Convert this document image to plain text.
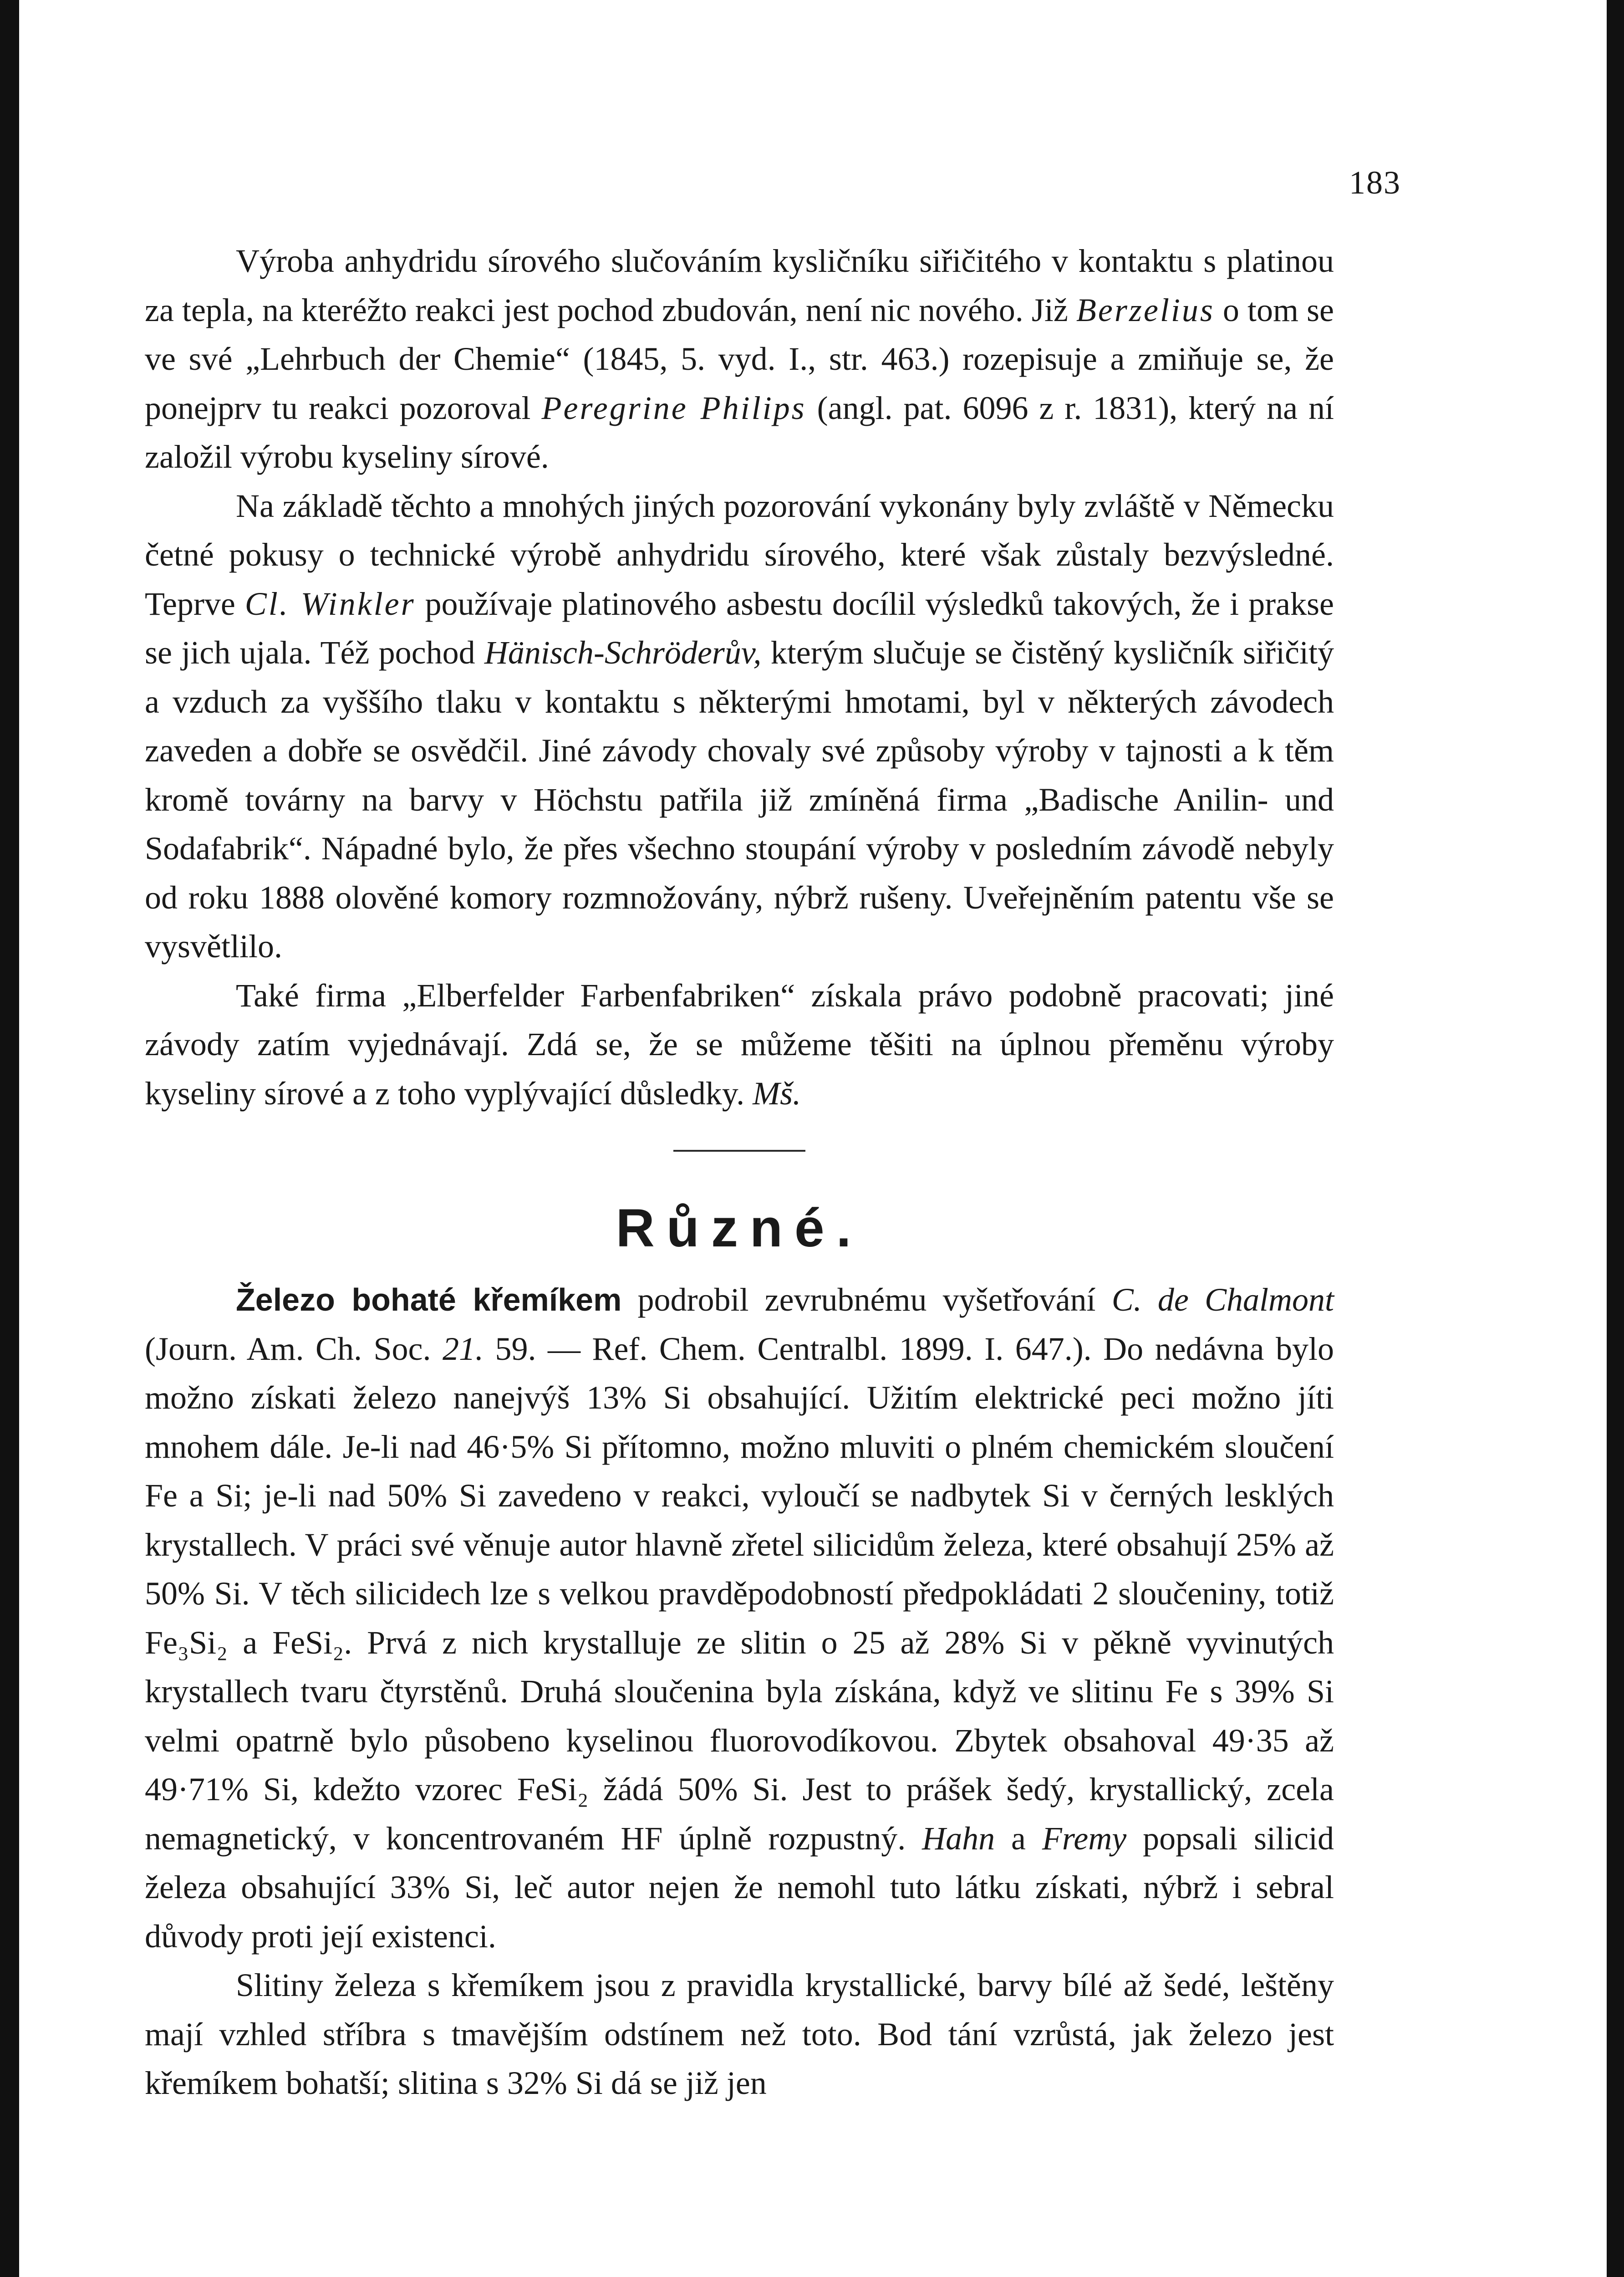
183

Výroba anhydridu sírového slučováním kysličníku siřičitého v kontaktu s platinou za tepla, na kteréžto reakci jest pochod zbudován, není nic nového. Již Berzelius o tom se ve své „Lehrbuch der Chemie“ (1845, 5. vyd. I., str. 463.) rozepisuje a zmiňuje se, že ponejprv tu reakci pozoroval Peregrine Philips (angl. pat. 6096 z r. 1831), který na ní založil výrobu kyseliny sírové.

Na základě těchto a mnohých jiných pozorování vykonány byly zvláště v Německu četné pokusy o technické výrobě anhydridu sírového, které však zůstaly bezvýsledné. Teprve Cl. Winkler používaje platinového asbestu docílil výsledků takových, že i prakse se jich ujala. Též pochod Hänisch-Schröderův, kterým slučuje se čistěný kysličník siřičitý a vzduch za vyššího tlaku v kontaktu s některými hmotami, byl v některých závodech zaveden a dobře se osvědčil. Jiné závody chovaly své způsoby výroby v tajnosti a k těm kromě továrny na barvy v Höchstu patřila již zmíněná firma „Badische Anilin- und Sodafabrik“. Nápadné bylo, že přes všechno stoupání výroby v posledním závodě nebyly od roku 1888 olověné komory rozmnožovány, nýbrž rušeny. Uveřejněním patentu vše se vysvětlilo.

Také firma „Elberfelder Farbenfabriken“ získala právo podobně pracovati; jiné závody zatím vyjednávají. Zdá se, že se můžeme těšiti na úplnou přeměnu výroby kyseliny sírové a z toho vyplývající důsledky. Mš.

Různé.

Železo bohaté křemíkem podrobil zevrubnému vyšetřování C. de Chalmont (Journ. Am. Ch. Soc. 21. 59. — Ref. Chem. Centralbl. 1899. I. 647.). Do nedávna bylo možno získati železo nanejvýš 13% Si obsahující. Užitím elektrické peci možno jíti mnohem dále. Je-li nad 46·5% Si přítomno, možno mluviti o plném chemickém sloučení Fe a Si; je-li nad 50% Si zavedeno v reakci, vyloučí se nadbytek Si v černých lesklých krystallech. V práci své věnuje autor hlavně zřetel silicidům železa, které obsahují 25% až 50% Si. V těch silicidech lze s velkou pravděpodobností předpokládati 2 sloučeniny, totiž Fe₃Si₂ a FeSi₂. Prvá z nich krystalluje ze slitin o 25 až 28% Si v pěkně vyvinutých krystallech tvaru čtyrstěnů. Druhá sloučenina byla získána, když ve slitinu Fe s 39% Si velmi opatrně bylo působeno kyselinou fluorovodíkovou. Zbytek obsahoval 49·35 až 49·71% Si, kdežto vzorec FeSi₂ žádá 50% Si. Jest to prášek šedý, krystallický, zcela nemagnetický, v koncentrovaném HF úplně rozpustný. Hahn a Fremy popsali silicid železa obsahující 33% Si, leč autor nejen že nemohl tuto látku získati, nýbrž i sebral důvody proti její existenci.

Slitiny železa s křemíkem jsou z pravidla krystallické, barvy bílé až šedé, leštěny mají vzhled stříbra s tmavějším odstínem než toto. Bod tání vzrůstá, jak železo jest křemíkem bohatší; slitina s 32% Si dá se již jen
